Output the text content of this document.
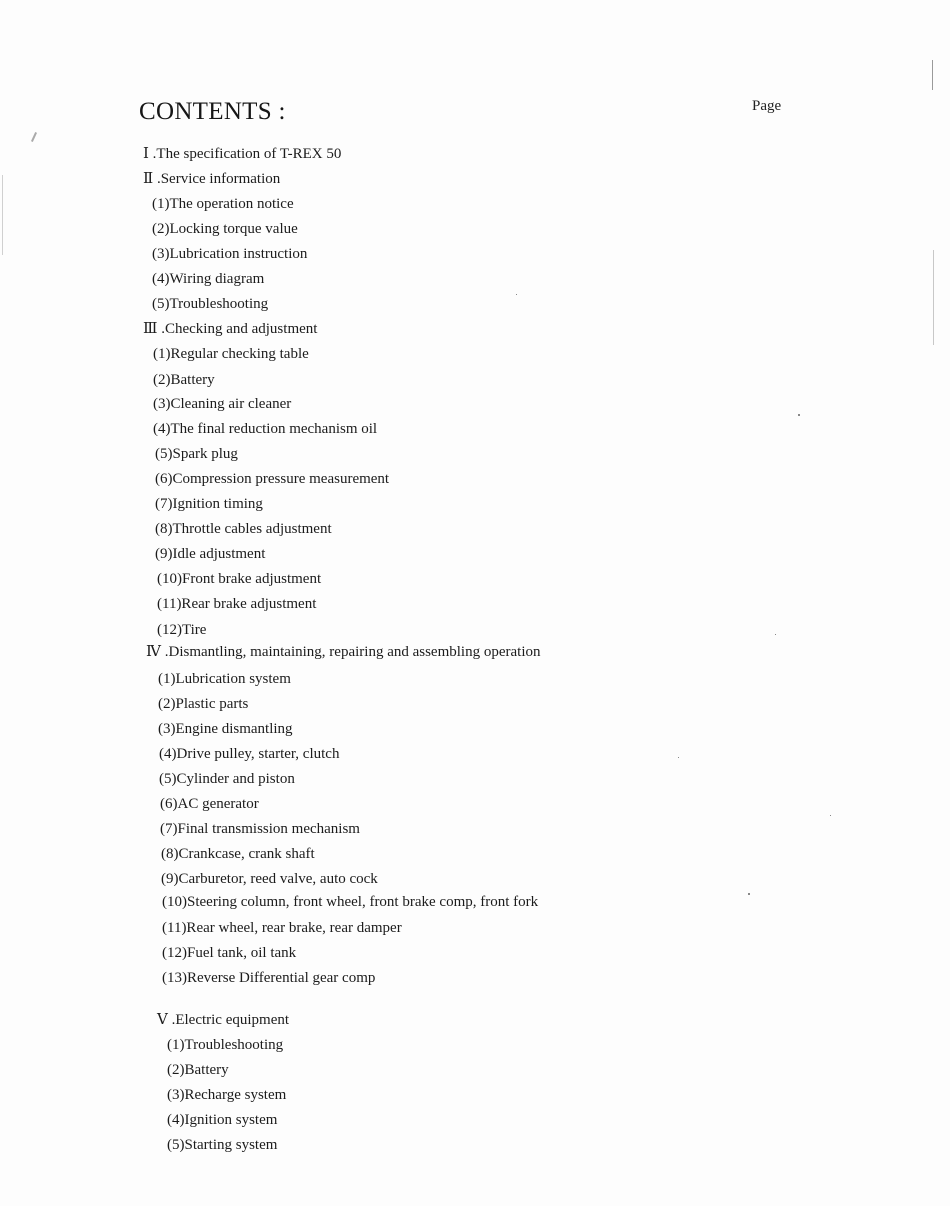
CONTENTS :	Page
Ⅰ .The specification of T-REX 50
Ⅱ .Service information
(1)The operation notice
(2)Locking torque value
(3)Lubrication instruction
(4)Wiring diagram
(5)Troubleshooting
Ⅲ .Checking and adjustment
(1)Regular checking table
(2)Battery
(3)Cleaning air cleaner
(4)The final reduction mechanism oil
(5)Spark plug
(6)Compression pressure measurement
(7)Ignition timing
(8)Throttle cables adjustment
(9)Idle adjustment
(10)Front brake adjustment
(11)Rear brake adjustment
(12)Tire
Ⅳ .Dismantling, maintaining, repairing and assembling operation
(1)Lubrication system
(2)Plastic parts
(3)Engine dismantling
(4)Drive pulley, starter, clutch
(5)Cylinder and piston
(6)AC generator
(7)Final transmission mechanism
(8)Crankcase, crank shaft
(9)Carburetor, reed valve, auto cock
(10)Steering column, front wheel, front brake comp, front fork
(11)Rear wheel, rear brake, rear damper
(12)Fuel tank, oil tank
(13)Reverse Differential gear comp
Ⅴ .Electric equipment
(1)Troubleshooting
(2)Battery
(3)Recharge system
(4)Ignition system
(5)Starting system
